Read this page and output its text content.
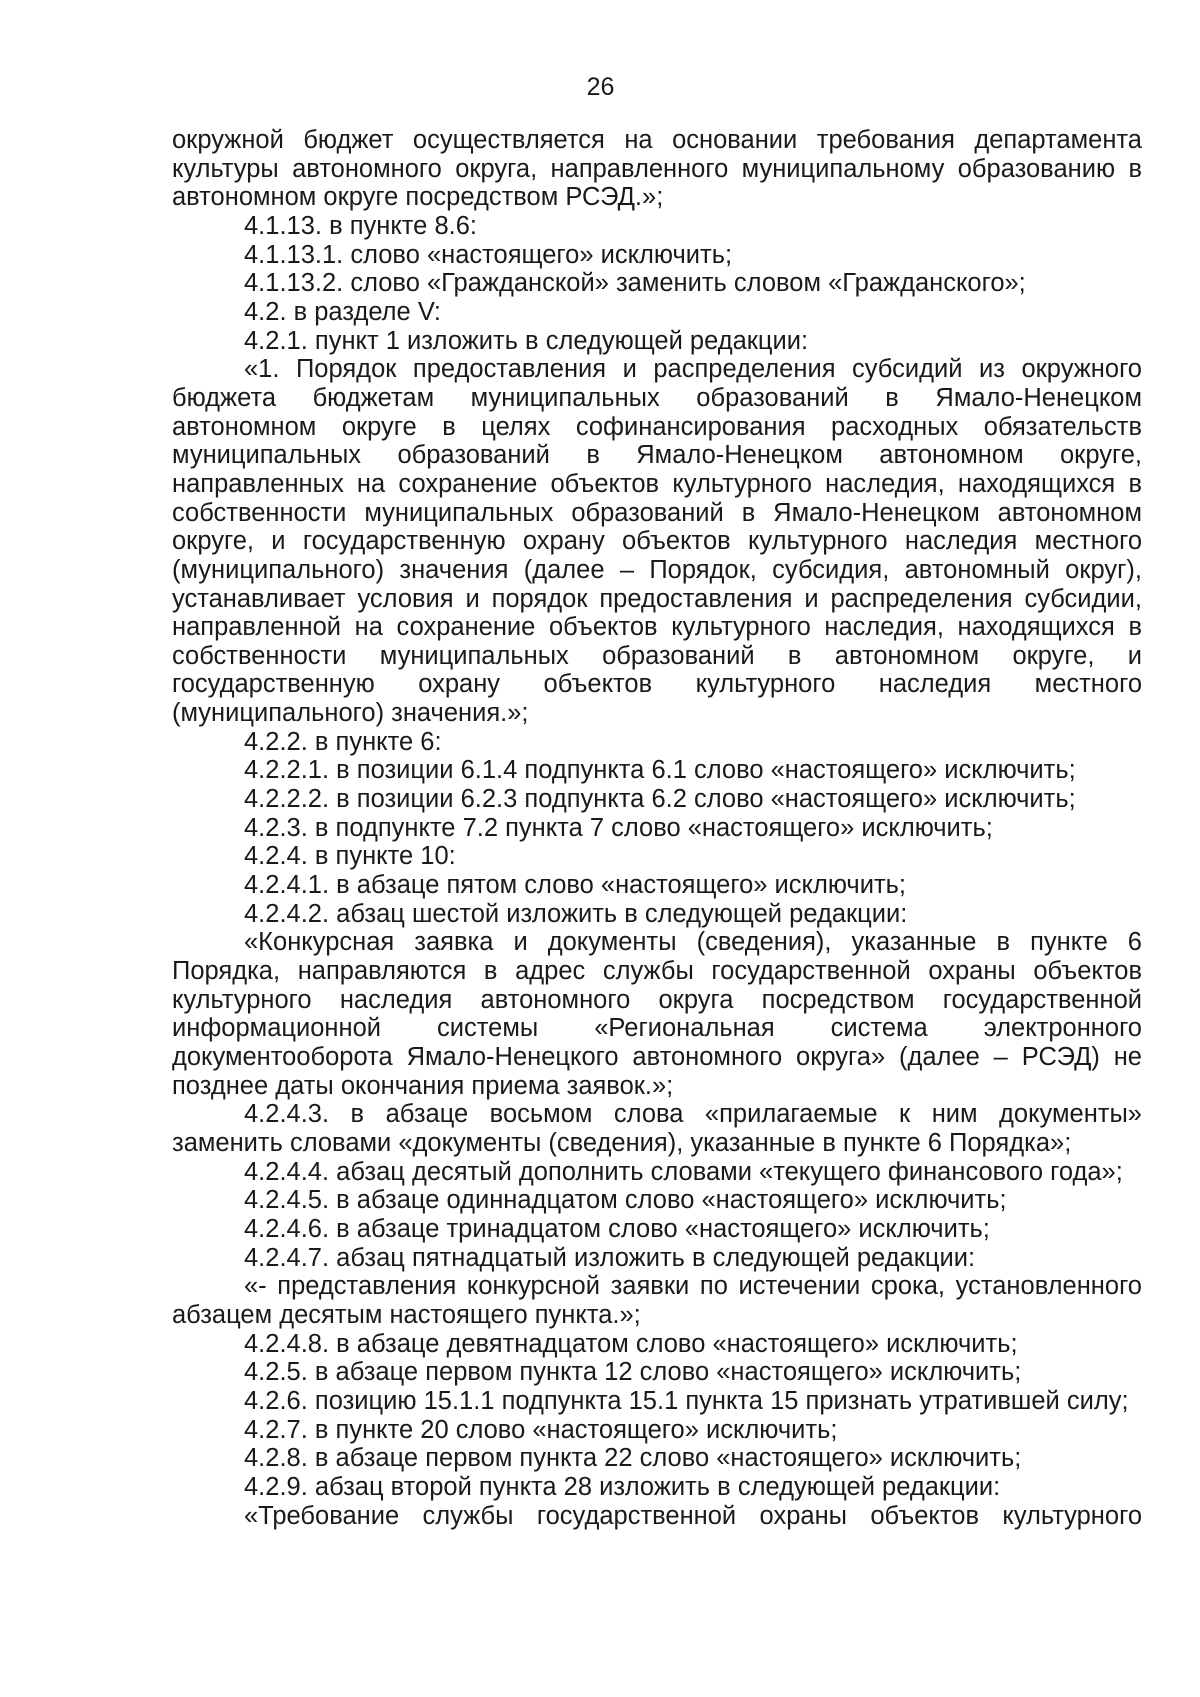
26

окружной бюджет осуществляется на основании требования департамента культуры автономного округа, направленного муниципальному образованию в автономном округе посредством РСЭД.»;

4.1.13. в пункте 8.6:

4.1.13.1. слово «настоящего» исключить;

4.1.13.2. слово «Гражданской» заменить словом «Гражданского»;

4.2. в разделе V:

4.2.1. пункт 1 изложить в следующей редакции:

«1. Порядок предоставления и распределения субсидий из окружного бюджета бюджетам муниципальных образований в Ямало-Ненецком автономном округе в целях софинансирования расходных обязательств муниципальных образований в Ямало-Ненецком автономном округе, направленных на сохранение объектов культурного наследия, находящихся в собственности муниципальных образований в Ямало-Ненецком автономном округе, и государственную охрану объектов культурного наследия местного (муниципального) значения (далее – Порядок, субсидия, автономный округ), устанавливает условия и порядок предоставления и распределения субсидии, направленной на сохранение объектов культурного наследия, находящихся в собственности муниципальных образований в автономном округе, и государственную охрану объектов культурного наследия местного (муниципального) значения.»;

4.2.2. в пункте 6:

4.2.2.1. в позиции 6.1.4 подпункта 6.1 слово «настоящего» исключить;

4.2.2.2. в позиции 6.2.3 подпункта 6.2 слово «настоящего» исключить;

4.2.3. в подпункте 7.2 пункта 7 слово «настоящего» исключить;

4.2.4. в пункте 10:

4.2.4.1. в абзаце пятом слово «настоящего» исключить;

4.2.4.2. абзац шестой изложить в следующей редакции:

«Конкурсная заявка и документы (сведения), указанные в пункте 6 Порядка, направляются в адрес службы государственной охраны объектов культурного наследия автономного округа посредством государственной информационной системы «Региональная система электронного документооборота Ямало-Ненецкого автономного округа» (далее – РСЭД) не позднее даты окончания приема заявок.»;

4.2.4.3. в абзаце восьмом слова «прилагаемые к ним документы» заменить словами «документы (сведения), указанные в пункте 6 Порядка»;

4.2.4.4. абзац десятый дополнить словами «текущего финансового года»;

4.2.4.5. в абзаце одиннадцатом слово «настоящего» исключить;

4.2.4.6. в абзаце тринадцатом слово «настоящего» исключить;

4.2.4.7. абзац пятнадцатый изложить в следующей редакции:

«- представления конкурсной заявки по истечении срока, установленного абзацем десятым настоящего пункта.»;

4.2.4.8. в абзаце девятнадцатом слово «настоящего» исключить;

4.2.5. в абзаце первом пункта 12 слово «настоящего» исключить;

4.2.6. позицию 15.1.1 подпункта 15.1 пункта 15 признать утратившей силу;

4.2.7. в пункте 20 слово «настоящего» исключить;

4.2.8. в абзаце первом пункта 22 слово «настоящего» исключить;

4.2.9. абзац второй пункта 28 изложить в следующей редакции:

«Требование службы государственной охраны объектов культурного
